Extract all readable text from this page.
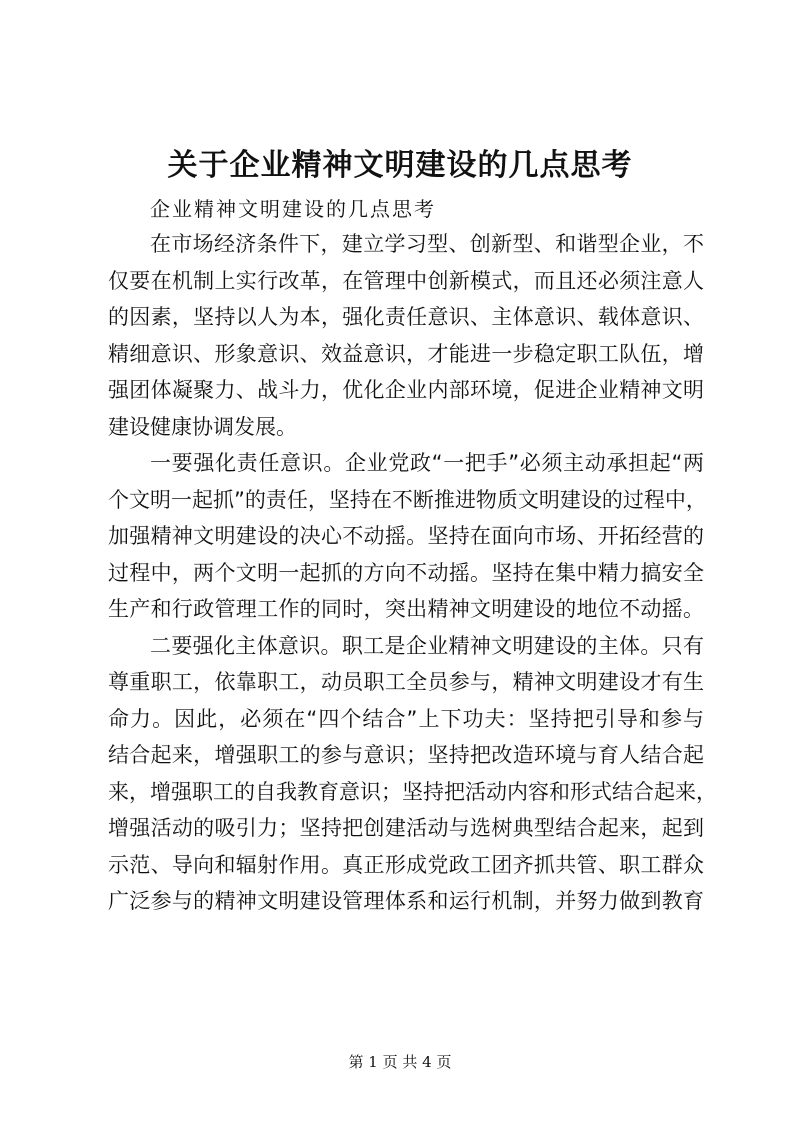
关于企业精神文明建设的几点思考
企业精神文明建设的几点思考
在市场经济条件下，建立学习型、创新型、和谐型企业，不
仅要在机制上实行改革，在管理中创新模式，而且还必须注意人
的因素，坚持以人为本，强化责任意识、主体意识、载体意识、
精细意识、形象意识、效益意识，才能进一步稳定职工队伍，增
强团体凝聚力、战斗力，优化企业内部环境，促进企业精神文明
建设健康协调发展。
一要强化责任意识。企业党政“一把手”必须主动承担起“两
个文明一起抓”的责任，坚持在不断推进物质文明建设的过程中，
加强精神文明建设的决心不动摇。坚持在面向市场、开拓经营的
过程中，两个文明一起抓的方向不动摇。坚持在集中精力搞安全
生产和行政管理工作的同时，突出精神文明建设的地位不动摇。
二要强化主体意识。职工是企业精神文明建设的主体。只有
尊重职工，依靠职工，动员职工全员参与，精神文明建设才有生
命力。因此，必须在“四个结合”上下功夫：坚持把引导和参与
结合起来，增强职工的参与意识；坚持把改造环境与育人结合起
来，增强职工的自我教育意识；坚持把活动内容和形式结合起来，
增强活动的吸引力；坚持把创建活动与选树典型结合起来，起到
示范、导向和辐射作用。真正形成党政工团齐抓共管、职工群众
广泛参与的精神文明建设管理体系和运行机制，并努力做到教育
第 1 页 共 4 页
